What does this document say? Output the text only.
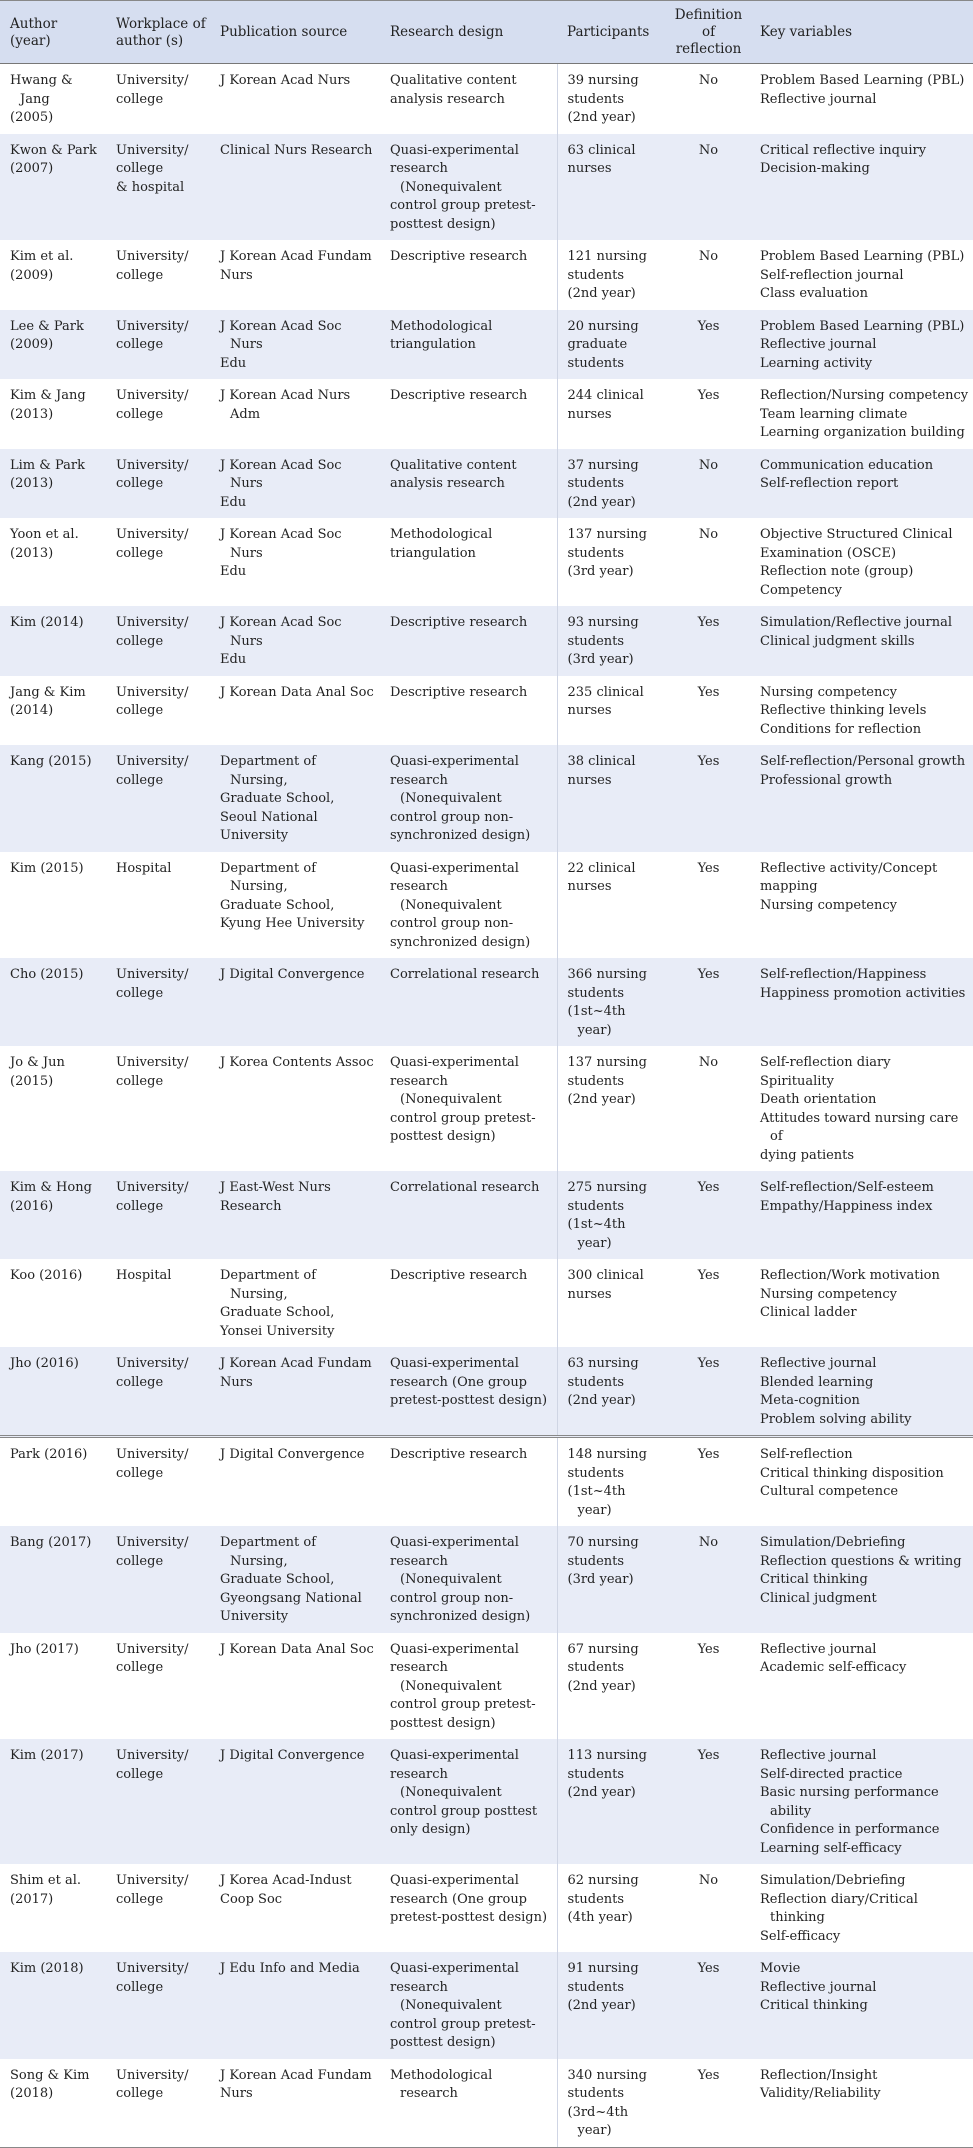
Author (year)	Workplace of author (s)	Publication source	Research design	Participants	Definition of reflection	Key variables

Hwang & Jang
(2005)	University/
college	J Korean Acad Nurs	Qualitative content
analysis research	39 nursing
students
(2nd year)	No	Problem Based Learning (PBL)
Reflective journal

Kwon & Park
(2007)	University/
college
& hospital	Clinical Nurs Research	Quasi-experimental
research (Nonequivalent
control group pretest-
posttest design)	63 clinical
nurses	No	Critical reflective inquiry
Decision-making

Kim et al.
(2009)	University/
college	J Korean Acad Fundam
Nurs	Descriptive research	121 nursing
students
(2nd year)	No	Problem Based Learning (PBL)
Self-reflection journal
Class evaluation

Lee & Park
(2009)	University/
college	J Korean Acad Soc Nurs
Edu	Methodological
triangulation	20 nursing
graduate
students	Yes	Problem Based Learning (PBL)
Reflective journal
Learning activity

Kim & Jang
(2013)	University/
college	J Korean Acad Nurs Adm	Descriptive research	244 clinical
nurses	Yes	Reflection/Nursing competency
Team learning climate
Learning organization building

Lim & Park
(2013)	University/
college	J Korean Acad Soc Nurs
Edu	Qualitative content
analysis research	37 nursing
students
(2nd year)	No	Communication education
Self-reflection report

Yoon et al.
(2013)	University/
college	J Korean Acad Soc Nurs
Edu	Methodological
triangulation	137 nursing
students
(3rd year)	No	Objective Structured Clinical
Examination (OSCE)
Reflection note (group)
Competency

Kim (2014)	University/
college	J Korean Acad Soc Nurs
Edu	Descriptive research	93 nursing
students
(3rd year)	Yes	Simulation/Reflective journal
Clinical judgment skills

Jang & Kim
(2014)	University/
college	J Korean Data Anal Soc	Descriptive research	235 clinical
nurses	Yes	Nursing competency
Reflective thinking levels
Conditions for reflection

Kang (2015)	University/
college	Department of Nursing,
Graduate School,
Seoul National
University	Quasi-experimental
research (Nonequivalent
control group non-
synchronized design)	38 clinical
nurses	Yes	Self-reflection/Personal growth
Professional growth

Kim (2015)	Hospital	Department of Nursing,
Graduate School,
Kyung Hee University	Quasi-experimental
research (Nonequivalent
control group non-
synchronized design)	22 clinical
nurses	Yes	Reflective activity/Concept
mapping
Nursing competency

Cho (2015)	University/
college	J Digital Convergence	Correlational research	366 nursing
students
(1st~4th year)	Yes	Self-reflection/Happiness
Happiness promotion activities

Jo & Jun
(2015)	University/
college	J Korea Contents Assoc	Quasi-experimental
research (Nonequivalent
control group pretest-
posttest design)	137 nursing
students
(2nd year)	No	Self-reflection diary
Spirituality
Death orientation
Attitudes toward nursing care of
dying patients

Kim & Hong
(2016)	University/
college	J East-West Nurs
Research	Correlational research	275 nursing
students
(1st~4th year)	Yes	Self-reflection/Self-esteem
Empathy/Happiness index

Koo (2016)	Hospital	Department of Nursing,
Graduate School,
Yonsei University	Descriptive research	300 clinical
nurses	Yes	Reflection/Work motivation
Nursing competency
Clinical ladder

Jho (2016)	University/
college	J Korean Acad Fundam
Nurs	Quasi-experimental
research (One group
pretest-posttest design)	63 nursing
students
(2nd year)	Yes	Reflective journal
Blended learning
Meta-cognition
Problem solving ability

Park (2016)	University/
college	J Digital Convergence	Descriptive research	148 nursing
students
(1st~4th year)	Yes	Self-reflection
Critical thinking disposition
Cultural competence

Bang (2017)	University/
college	Department of Nursing,
Graduate School,
Gyeongsang National
University	Quasi-experimental
research (Nonequivalent
control group non-
synchronized design)	70 nursing
students
(3rd year)	No	Simulation/Debriefing
Reflection questions & writing
Critical thinking
Clinical judgment

Jho (2017)	University/
college	J Korean Data Anal Soc	Quasi-experimental
research (Nonequivalent
control group pretest-
posttest design)	67 nursing
students
(2nd year)	Yes	Reflective journal
Academic self-efficacy

Kim (2017)	University/
college	J Digital Convergence	Quasi-experimental
research (Nonequivalent
control group posttest
only design)	113 nursing
students
(2nd year)	Yes	Reflective journal
Self-directed practice
Basic nursing performance ability
Confidence in performance
Learning self-efficacy

Shim et al.
(2017)	University/
college	J Korea Acad-Indust
Coop Soc	Quasi-experimental
research (One group
pretest-posttest design)	62 nursing
students
(4th year)	No	Simulation/Debriefing
Reflection diary/Critical thinking
Self-efficacy

Kim (2018)	University/
college	J Edu Info and Media	Quasi-experimental
research (Nonequivalent
control group pretest-
posttest design)	91 nursing
students
(2nd year)	Yes	Movie
Reflective journal
Critical thinking

Song & Kim
(2018)	University/
college	J Korean Acad Fundam
Nurs	Methodological research	340 nursing
students
(3rd~4th year)	Yes	Reflection/Insight
Validity/Reliability
